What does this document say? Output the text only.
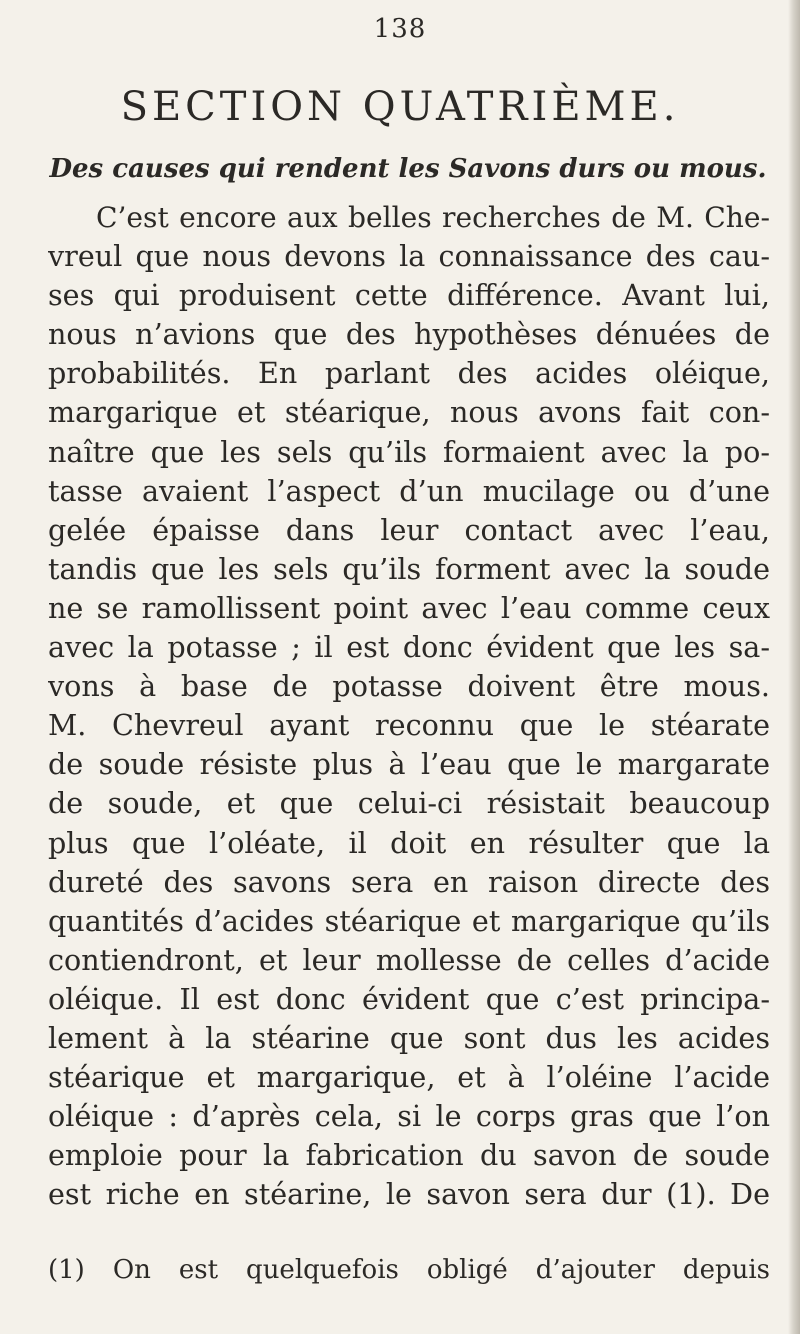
138
SECTION QUATRIÈME.
Des causes qui rendent les Savons durs ou mous.
C’est encore aux belles recherches de M. Che-
vreul que nous devons la connaissance des cau-
ses qui produisent cette différence. Avant lui,
nous n’avions que des hypothèses dénuées de
probabilités. En parlant des acides oléique,
margarique et stéarique, nous avons fait con-
naître que les sels qu’ils formaient avec la po-
tasse avaient l’aspect d’un mucilage ou d’une
gelée épaisse dans leur contact avec l’eau,
tandis que les sels qu’ils forment avec la soude
ne se ramollissent point avec l’eau comme ceux
avec la potasse ; il est donc évident que les sa-
vons à base de potasse doivent être mous.
M. Chevreul ayant reconnu que le stéarate
de soude résiste plus à l’eau que le margarate
de soude, et que celui-ci résistait beaucoup
plus que l’oléate, il doit en résulter que la
dureté des savons sera en raison directe des
quantités d’acides stéarique et margarique qu’ils
contiendront, et leur mollesse de celles d’acide
oléique. Il est donc évident que c’est principa-
lement à la stéarine que sont dus les acides
stéarique et margarique, et à l’oléine l’acide
oléique : d’après cela, si le corps gras que l’on
emploie pour la fabrication du savon de soude
est riche en stéarine, le savon sera dur (1). De

(1) On est quelquefois obligé d’ajouter depuis
